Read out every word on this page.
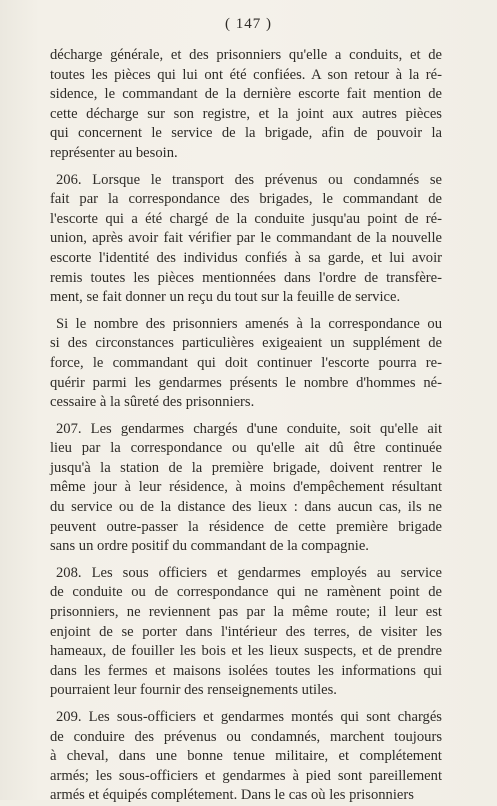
( 147 )
décharge générale, et des prisonniers qu'elle a conduits, et de
toutes les pièces qui lui ont été confiées. A son retour à la ré-
sidence, le commandant de la dernière escorte fait mention de
cette décharge sur son registre, et la joint aux autres pièces
qui concernent le service de la brigade, afin de pouvoir la
représenter au besoin.
206. Lorsque le transport des prévenus ou condamnés se
fait par la correspondance des brigades, le commandant de
l'escorte qui a été chargé de la conduite jusqu'au point de ré-
union, après avoir fait vérifier par le commandant de la nouvelle
escorte l'identité des individus confiés à sa garde, et lui avoir
remis toutes les pièces mentionnées dans l'ordre de transfère-
ment, se fait donner un reçu du tout sur la feuille de service.
Si le nombre des prisonniers amenés à la correspondance ou
si des circonstances particulières exigeaient un supplément de
force, le commandant qui doit continuer l'escorte pourra re-
quérir parmi les gendarmes présents le nombre d'hommes né-
cessaire à la sûreté des prisonniers.
207. Les gendarmes chargés d'une conduite, soit qu'elle ait
lieu par la correspondance ou qu'elle ait dû être continuée
jusqu'à la station de la première brigade, doivent rentrer le
même jour à leur résidence, à moins d'empêchement résultant
du service ou de la distance des lieux : dans aucun cas, ils ne
peuvent outre-passer la résidence de cette première brigade
sans un ordre positif du commandant de la compagnie.
208. Les sous officiers et gendarmes employés au service
de conduite ou de correspondance qui ne ramènent point de
prisonniers, ne reviennent pas par la même route; il leur est
enjoint de se porter dans l'intérieur des terres, de visiter les
hameaux, de fouiller les bois et les lieux suspects, et de prendre
dans les fermes et maisons isolées toutes les informations qui
pourraient leur fournir des renseignements utiles.
209. Les sous-officiers et gendarmes montés qui sont chargés
de conduire des prévenus ou condamnés, marchent toujours
à cheval, dans une bonne tenue militaire, et complétement
armés; les sous-officiers et gendarmes à pied sont pareillement
armés et équipés complétement. Dans le cas où les prisonniers
